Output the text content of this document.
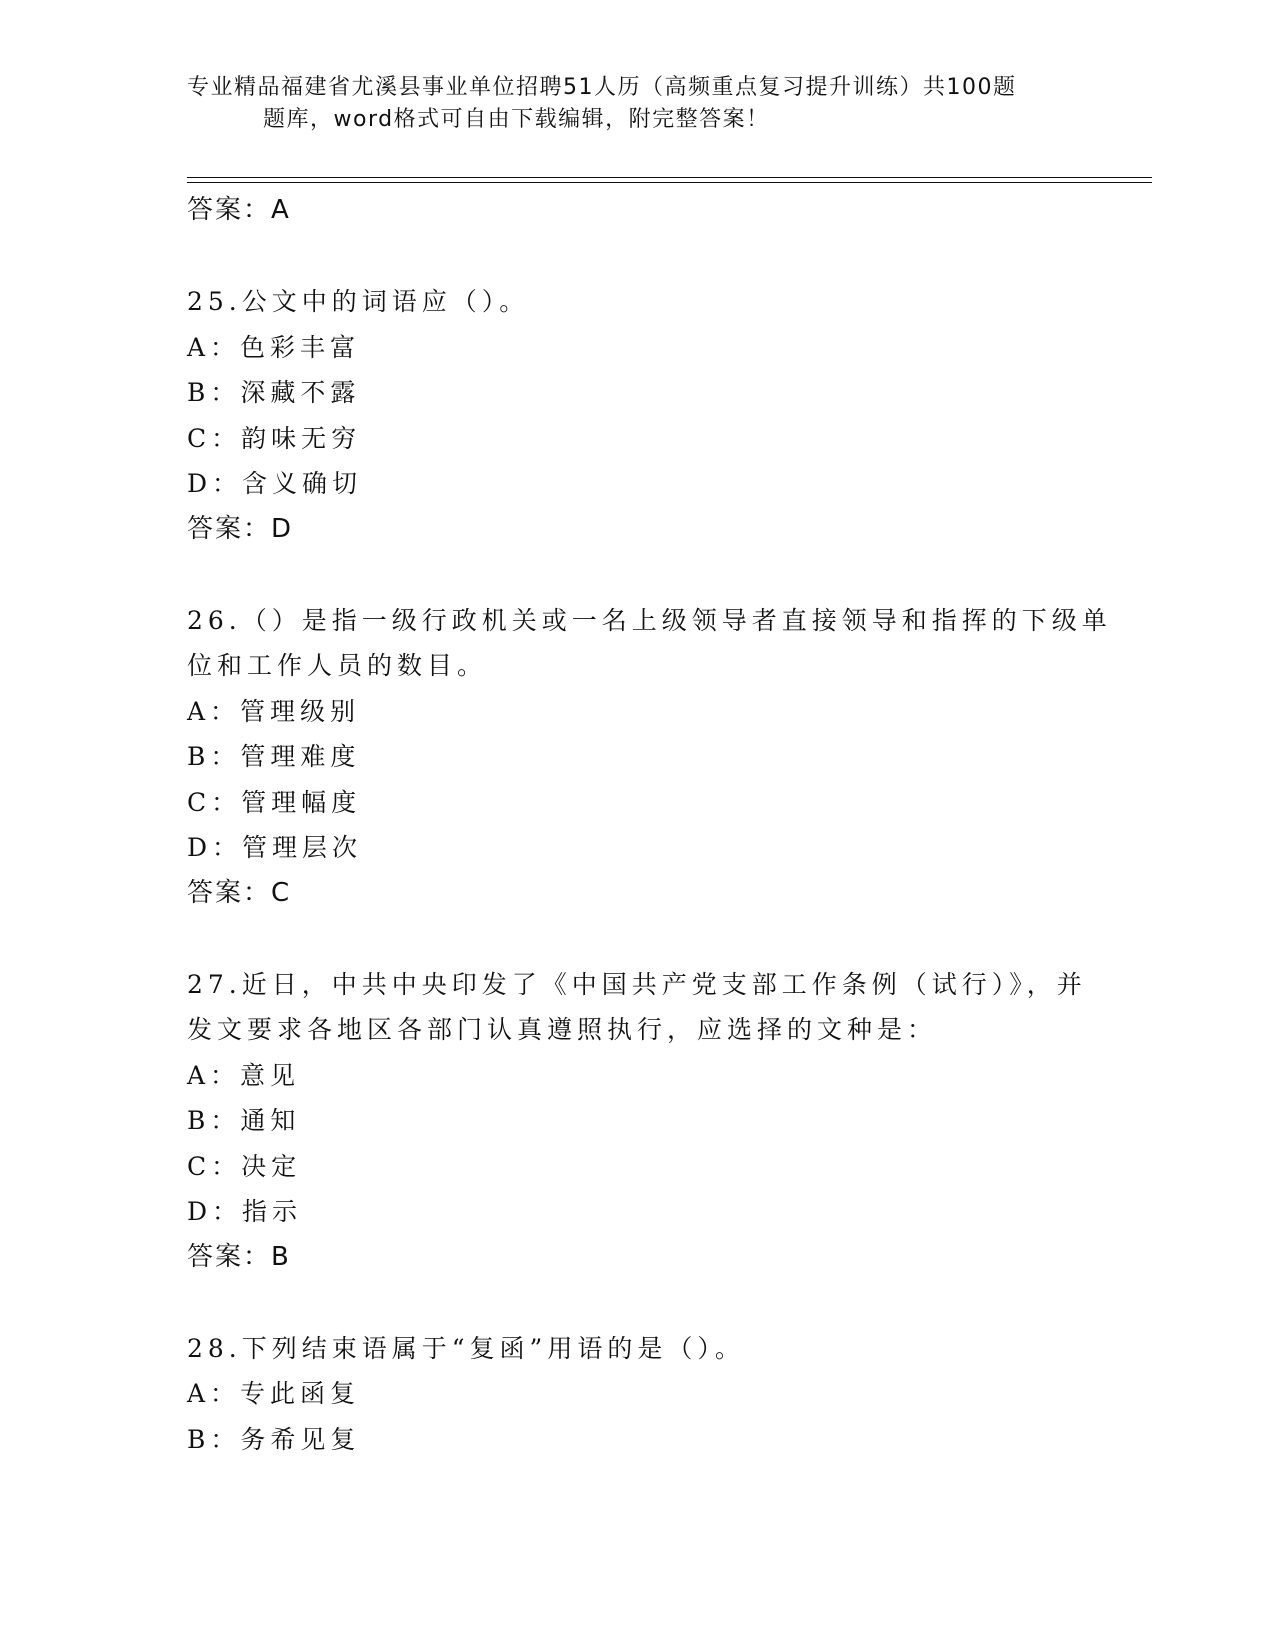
专业精品福建省尤溪县事业单位招聘51人历（高频重点复习提升训练）共100题
题库，word格式可自由下载编辑，附完整答案！
答案：A
25.公文中的词语应（）。
A：色彩丰富
B：深藏不露
C：韵味无穷
D：含义确切
答案：D
26.（）是指一级行政机关或一名上级领导者直接领导和指挥的下级单
位和工作人员的数目。
A：管理级别
B：管理难度
C：管理幅度
D：管理层次
答案：C
27.近日，中共中央印发了《中国共产党支部工作条例（试行）》，并
发文要求各地区各部门认真遵照执行，应选择的文种是：
A：意见
B：通知
C：决定
D：指示
答案：B
28.下列结束语属于“复函”用语的是（）。
A：专此函复
B：务希见复
